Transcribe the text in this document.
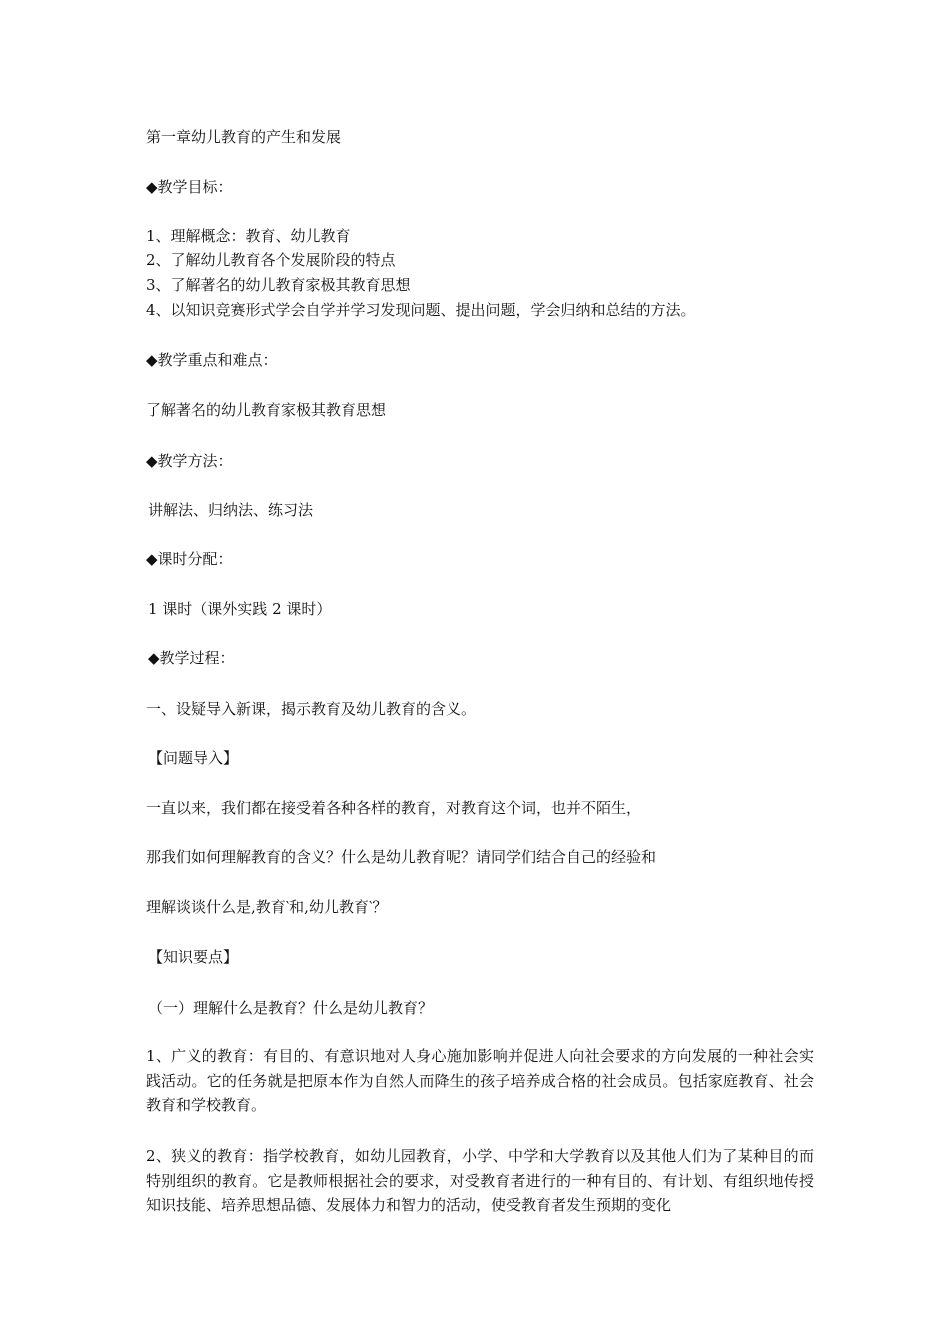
第一章幼儿教育的产生和发展
◆教学目标：
1、理解概念：教育、幼儿教育
2、了解幼儿教育各个发展阶段的特点
3、了解著名的幼儿教育家极其教育思想
4、以知识竞赛形式学会自学并学习发现问题、提出问题，学会归纳和总结的方法。
◆教学重点和难点：
了解著名的幼儿教育家极其教育思想
◆教学方法：
讲解法、归纳法、练习法
◆课时分配：
1 课时（课外实践 2 课时）
◆教学过程：
一、设疑导入新课，揭示教育及幼儿教育的含义。
【问题导入】
一直以来，我们都在接受着各种各样的教育，对教育这个词，也并不陌生，
那我们如何理解教育的含义？什么是幼儿教育呢？请同学们结合自己的经验和
理解谈谈什么是,教育‵和,幼儿教育‵？
【知识要点】
（一）理解什么是教育？什么是幼儿教育？
1、广义的教育：有目的、有意识地对人身心施加影响并促进人向社会要求的方向发展的一种社会实践活动。它的任务就是把原本作为自然人而降生的孩子培养成合格的社会成员。包括家庭教育、社会教育和学校教育。
2、狭义的教育：指学校教育，如幼儿园教育，小学、中学和大学教育以及其他人们为了某种目的而特别组织的教育。它是教师根据社会的要求，对受教育者进行的一种有目的、有计划、有组织地传授知识技能、培养思想品德、发展体力和智力的活动，使受教育者发生预期的变化
